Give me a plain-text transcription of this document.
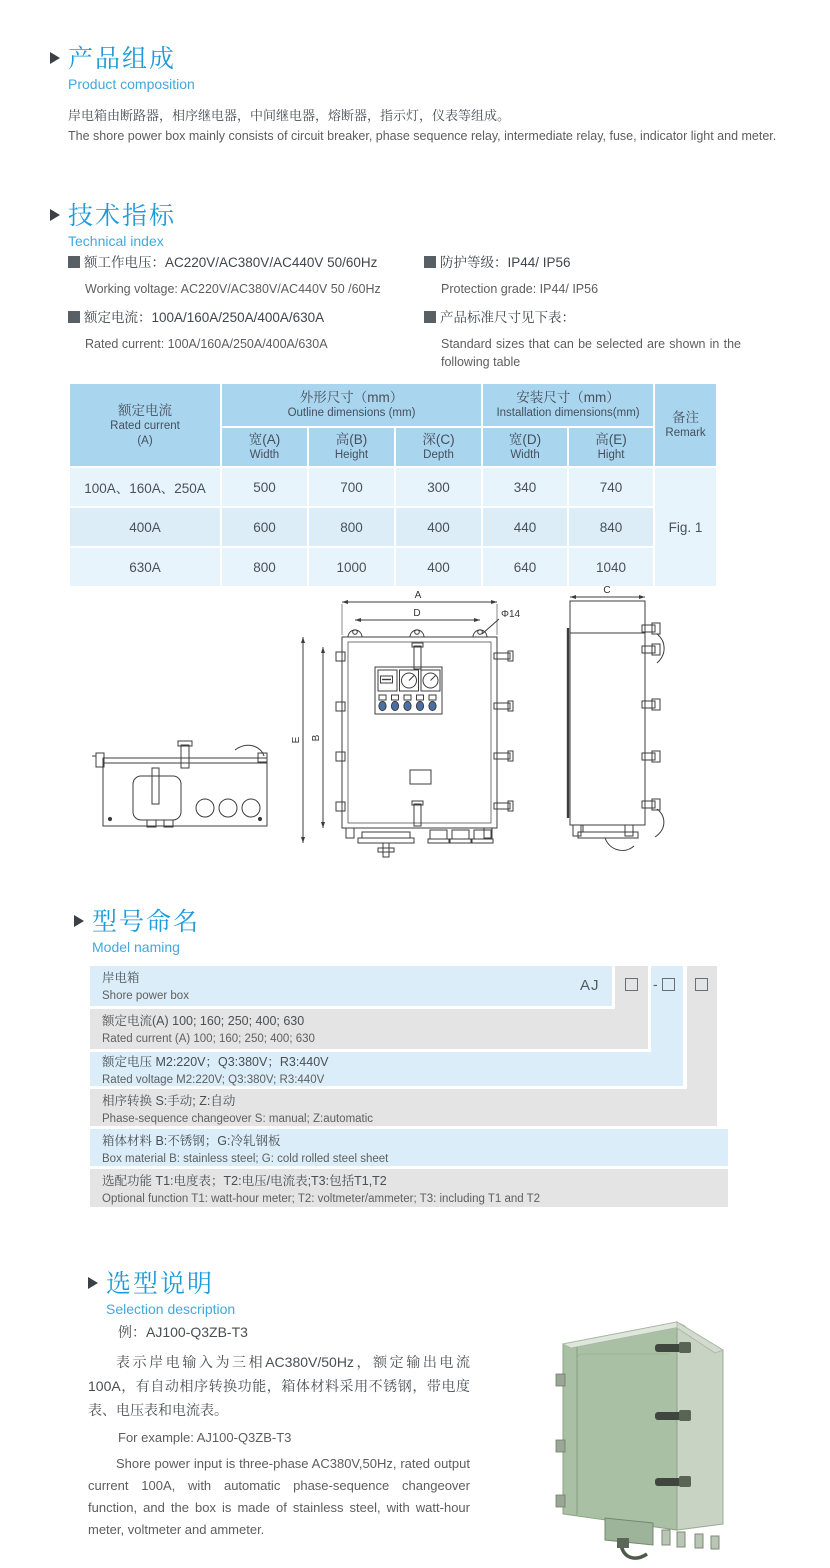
产品组成
Product composition
岸电箱由断路器，相序继电器，中间继电器，熔断器，指示灯，仪表等组成。
The shore power box mainly consists of circuit breaker, phase sequence relay, intermediate relay, fuse, indicator light and meter.
技术指标
Technical index
额工作电压：AC220V/AC380V/AC440V 50/60Hz
Working voltage: AC220V/AC380V/AC440V 50 /60Hz
额定电流：100A/160A/250A/400A/630A
Rated current: 100A/160A/250A/400A/630A
防护等级：IP44/ IP56
Protection grade: IP44/ IP56
产品标准尺寸见下表：
Standard sizes that can be selected are shown in the following table
额定电流
Rated current
(A)	外形尺寸（mm）
Outline dimensions (mm)			安装尺寸（mm）
Installation dimensions(mm)		备注
Remark

	宽(A)
Width	高(B)
Height	深(C)
Depth	宽(D)
Width	高(E)
Hight	

100A、160A、250A	500	700	300	340	740	Fig. 1
400A	600	800	400	440	840	
630A	800	1000	400	640	1040	
A
D	Φ14
E B
C
型号命名
Model naming
岸电箱
Shore power box
额定电流(A) 100; 160; 250; 400; 630
Rated current (A) 100; 160; 250; 400; 630
额定电压 M2:220V；Q3:380V；R3:440V
Rated voltage M2:220V; Q3:380V; R3:440V
相序转换 S:手动; Z:自动
Phase-sequence changeover S: manual; Z:automatic
箱体材料 B:不锈钢；G:冷轧钢板
Box material B: stainless steel; G: cold rolled steel sheet
选配功能 T1:电度表；T2:电压/电流表;T3:包括T1,T2
Optional function T1: watt-hour meter; T2: voltmeter/ammeter; T3: including T1 and T2
AJ	-
选型说明
Selection description

例：AJ100-Q3ZB-T3

表示岸电输入为三相AC380V/50Hz，额定输出电流100A，有自动相序转换功能，箱体材料采用不锈钢，带电度表、电压表和电流表。

For example: AJ100-Q3ZB-T3

Shore power input is three-phase AC380V,50Hz, rated output current 100A, with automatic phase-sequence changeover function, and the box is made of stainless steel, with watt-hour meter, voltmeter and ammeter.
